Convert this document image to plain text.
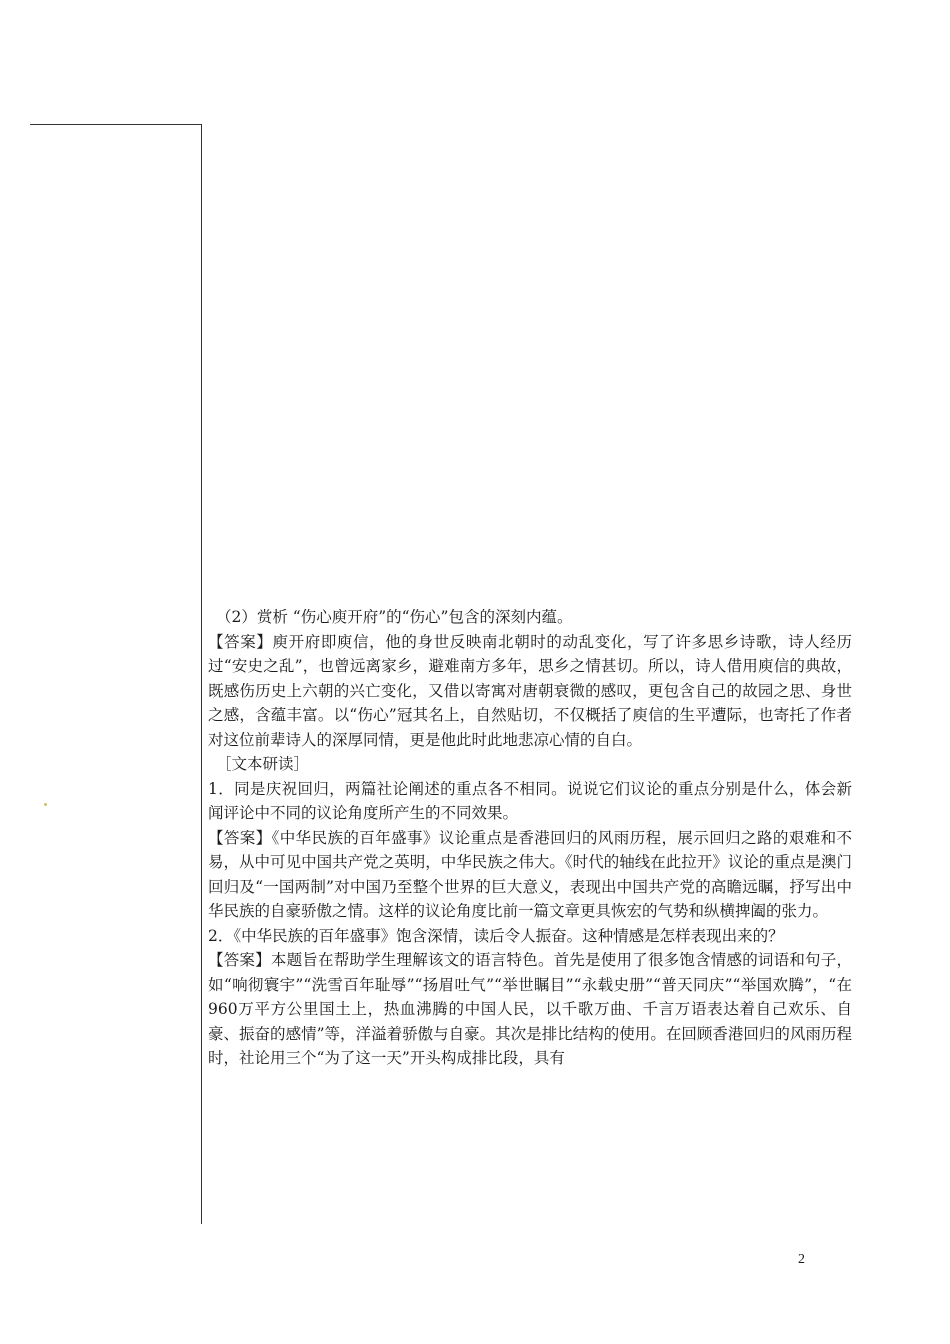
（2）赏析 “伤心庾开府”的“伤心”包含的深刻内蕴。

【答案】庾开府即庾信，他的身世反映南北朝时的动乱变化，写了许多思乡诗歌，诗人经历过“安史之乱”，也曾远离家乡，避难南方多年，思乡之情甚切。所以，诗人借用庾信的典故，既感伤历史上六朝的兴亡变化，又借以寄寓对唐朝衰微的感叹，更包含自己的故园之思、身世之感，含蕴丰富。以“伤心”冠其名上，自然贴切，不仅概括了庾信的生平遭际，也寄托了作者对这位前辈诗人的深厚同情，更是他此时此地悲凉心情的自白。

［文本研读］

1．同是庆祝回归，两篇社论阐述的重点各不相同。说说它们议论的重点分别是什么，体会新闻评论中不同的议论角度所产生的不同效果。

【答案】《中华民族的百年盛事》议论重点是香港回归的风雨历程，展示回归之路的艰难和不易，从中可见中国共产党之英明，中华民族之伟大。《时代的轴线在此拉开》议论的重点是澳门回归及“一国两制”对中国乃至整个世界的巨大意义，表现出中国共产党的高瞻远瞩，抒写出中华民族的自豪骄傲之情。这样的议论角度比前一篇文章更具恢宏的气势和纵横捭阖的张力。

2．《中华民族的百年盛事》饱含深情，读后令人振奋。这种情感是怎样表现出来的？

【答案】本题旨在帮助学生理解该文的语言特色。首先是使用了很多饱含情感的词语和句子，如“响彻寰宇”“洗雪百年耻辱”“扬眉吐气”“举世瞩目”“永载史册”“普天同庆”“举国欢腾”，“在960万平方公里国土上，热血沸腾的中国人民，以千歌万曲、千言万语表达着自己欢乐、自豪、振奋的感情”等，洋溢着骄傲与自豪。其次是排比结构的使用。在回顾香港回归的风雨历程时，社论用三个“为了这一天”开头构成排比段，具有

2
